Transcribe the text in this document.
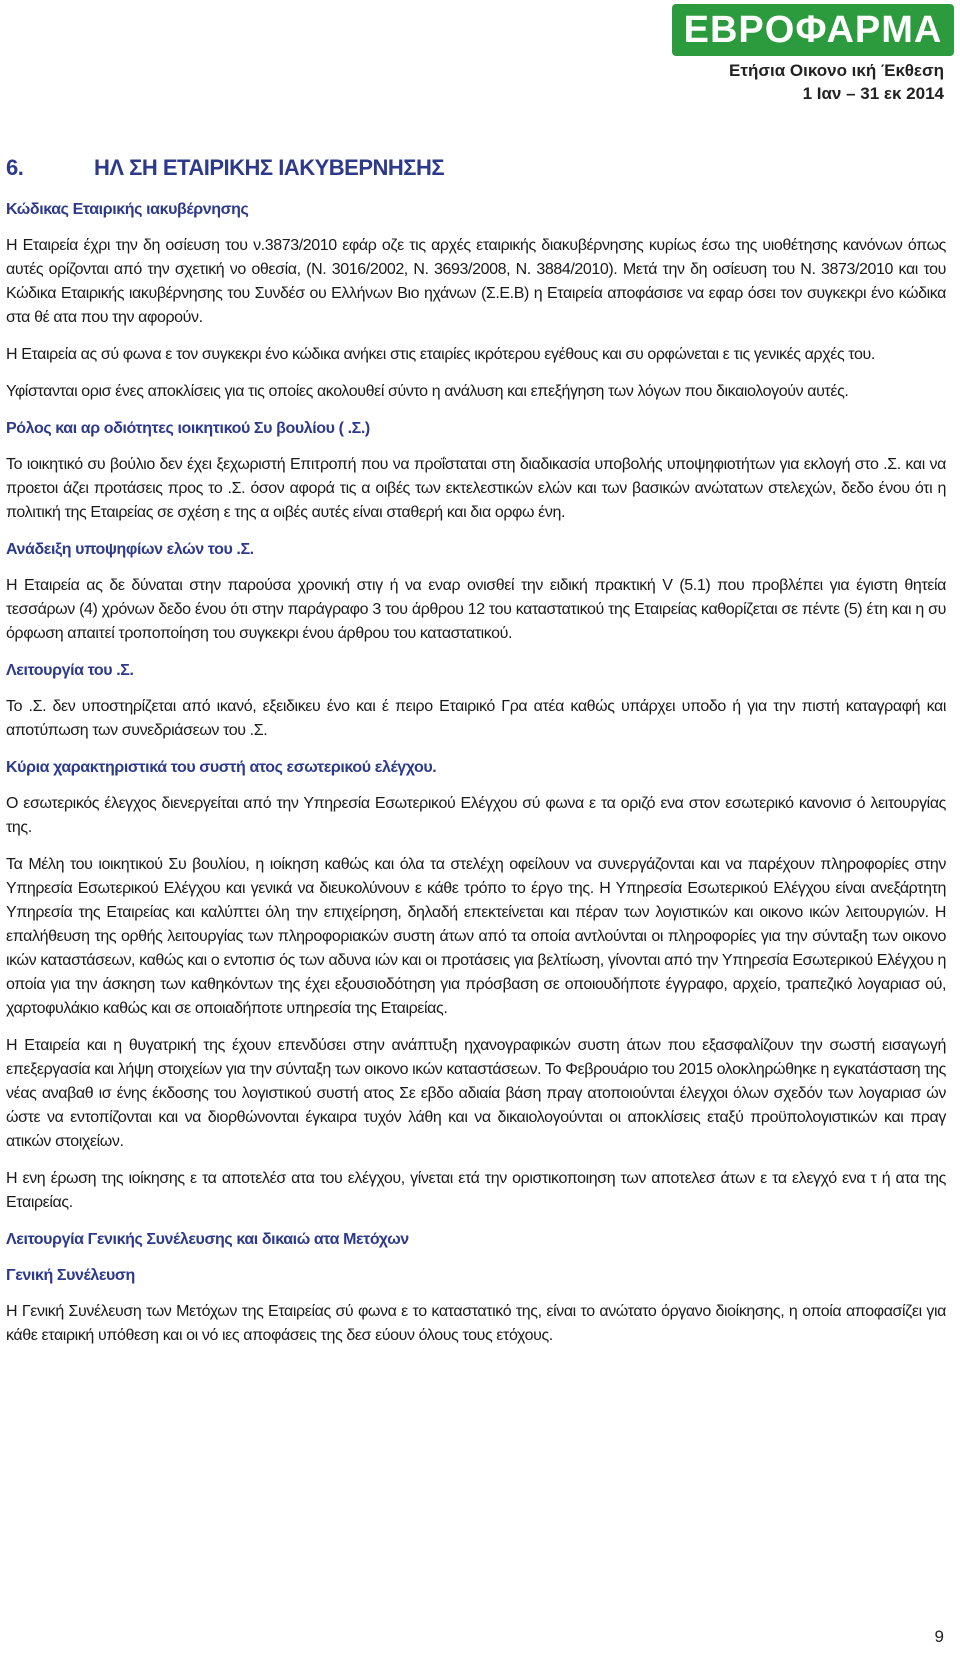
ΕΒΡΟΦΑΡΜΑ
Ετήσια Οικονο ική Έκθεση
1 Ιαν – 31 εκ 2014
6.	ΗΛ ΣΗ ΕΤΑΙΡΙΚΗΣ ΙΑΚΥΒΕΡΝΗΣΗΣ
Κώδικας Εταιρικής ιακυβέρνησης

Η Εταιρεία έχρι την δη οσίευση του ν.3873/2010 εφάρ οζε τις αρχές εταιρικής διακυβέρνησης κυρίως έσω της υιοθέτησης κανόνων όπως αυτές ορίζονται από την σχετική νο οθεσία, (Ν. 3016/2002, Ν. 3693/2008, Ν. 3884/2010). Μετά την δη οσίευση του Ν. 3873/2010 και του Κώδικα Εταιρικής ιακυβέρνησης του Συνδέσ ου Ελλήνων Βιο ηχάνων (Σ.Ε.Β) η Εταιρεία αποφάσισε να εφαρ όσει τον συγκεκρι ένο κώδικα στα θέ ατα που την αφορούν.

Η Εταιρεία ας σύ φωνα ε τον συγκεκρι ένο κώδικα ανήκει στις εταιρίες ικρότερου εγέθους και συ ορφώνεται ε τις γενικές αρχές του.

Υφίστανται ορισ ένες αποκλίσεις για τις οποίες ακολουθεί σύντο η ανάλυση και επεξήγηση των λόγων που δικαιολογούν αυτές.

Ρόλος και αρ οδιότητες ιοικητικού Συ βουλίου ( .Σ.)

Το ιοικητικό συ βούλιο δεν έχει ξεχωριστή Επιτροπή που να προΐσταται στη διαδικασία υποβολής υποψηφιοτήτων για εκλογή στο .Σ. και να προετοι άζει προτάσεις προς το .Σ. όσον αφορά τις α οιβές των εκτελεστικών ελών και των βασικών ανώτατων στελεχών, δεδο ένου ότι η πολιτική της Εταιρείας σε σχέση ε της α οιβές αυτές είναι σταθερή και δια ορφω ένη.

Ανάδειξη υποψηφίων ελών του .Σ.

Η Εταιρεία ας δε δύναται στην παρούσα χρονική στιγ ή να εναρ ονισθεί την ειδική πρακτική V (5.1) που προβλέπει για έγιστη θητεία τεσσάρων (4) χρόνων δεδο ένου ότι στην παράγραφο 3 του άρθρου 12 του καταστατικού της Εταιρείας καθορίζεται σε πέντε (5) έτη και η συ όρφωση απαιτεί τροποποίηση του συγκεκρι ένου άρθρου του καταστατικού.

Λειτουργία του .Σ.

Το .Σ. δεν υποστηρίζεται από ικανό, εξειδικευ ένο και έ πειρο Εταιρικό Γρα ατέα καθώς υπάρχει υποδο ή για την πιστή καταγραφή και αποτύπωση των συνεδριάσεων του .Σ.

Κύρια χαρακτηριστικά του συστή ατος εσωτερικού ελέγχου.

Ο εσωτερικός έλεγχος διενεργείται από την Υπηρεσία Εσωτερικού Ελέγχου σύ φωνα ε τα οριζό ενα στον εσωτερικό κανονισ ό λειτουργίας της.

Τα Μέλη του ιοικητικού Συ βουλίου, η ιοίκηση καθώς και όλα τα στελέχη οφείλουν να συνεργάζονται και να παρέχουν πληροφορίες στην Υπηρεσία Εσωτερικού Ελέγχου και γενικά να διευκολύνουν ε κάθε τρόπο το έργο της. Η Υπηρεσία Εσωτερικού Ελέγχου είναι ανεξάρτητη Υπηρεσία της Εταιρείας και καλύπτει όλη την επιχείρηση, δηλαδή επεκτείνεται και πέραν των λογιστικών και οικονο ικών λειτουργιών. Η επαλήθευση της ορθής λειτουργίας των πληροφοριακών συστη άτων από τα οποία αντλούνται οι πληροφορίες για την σύνταξη των οικονο ικών καταστάσεων, καθώς και ο εντοπισ ός των αδυνα ιών και οι προτάσεις για βελτίωση, γίνονται από την Υπηρεσία Εσωτερικού Ελέγχου η οποία για την άσκηση των καθηκόντων της έχει εξουσιοδότηση για πρόσβαση σε οποιουδήποτε έγγραφο, αρχείο, τραπεζικό λογαριασ ού, χαρτοφυλάκιο καθώς και σε οποιαδήποτε υπηρεσία της Εταιρείας.

Η Εταιρεία και η θυγατρική της έχουν επενδύσει στην ανάπτυξη ηχανογραφικών συστη άτων που εξασφαλίζουν την σωστή εισαγωγή επεξεργασία και λήψη στοιχείων για την σύνταξη των οικονο ικών καταστάσεων. Το Φεβρουάριο του 2015 ολοκληρώθηκε η εγκατάσταση της νέας αναβαθ ισ ένης έκδοσης του λογιστικού συστή ατος Σε εβδο αδιαία βάση πραγ ατοποιούνται έλεγχοι όλων σχεδόν των λογαριασ ών ώστε να εντοπίζονται και να διορθώνονται έγκαιρα τυχόν λάθη και να δικαιολογούνται οι αποκλίσεις εταξύ προϋπολογιστικών και πραγ ατικών στοιχείων.

Η ενη έρωση της ιοίκησης ε τα αποτελέσ ατα του ελέγχου, γίνεται ετά την οριστικοποιηση των αποτελεσ άτων ε τα ελεγχό ενα τ ή ατα της Εταιρείας.

Λειτουργία Γενικής Συνέλευσης και δικαιώ ατα Μετόχων
Γενική Συνέλευση

Η Γενική Συνέλευση των Μετόχων της Εταιρείας σύ φωνα ε το καταστατικό της, είναι το ανώτατο όργανο διοίκησης, η οποία αποφασίζει για κάθε εταιρική υπόθεση και οι νό ιες αποφάσεις της δεσ εύουν όλους τους ετόχους.

9
